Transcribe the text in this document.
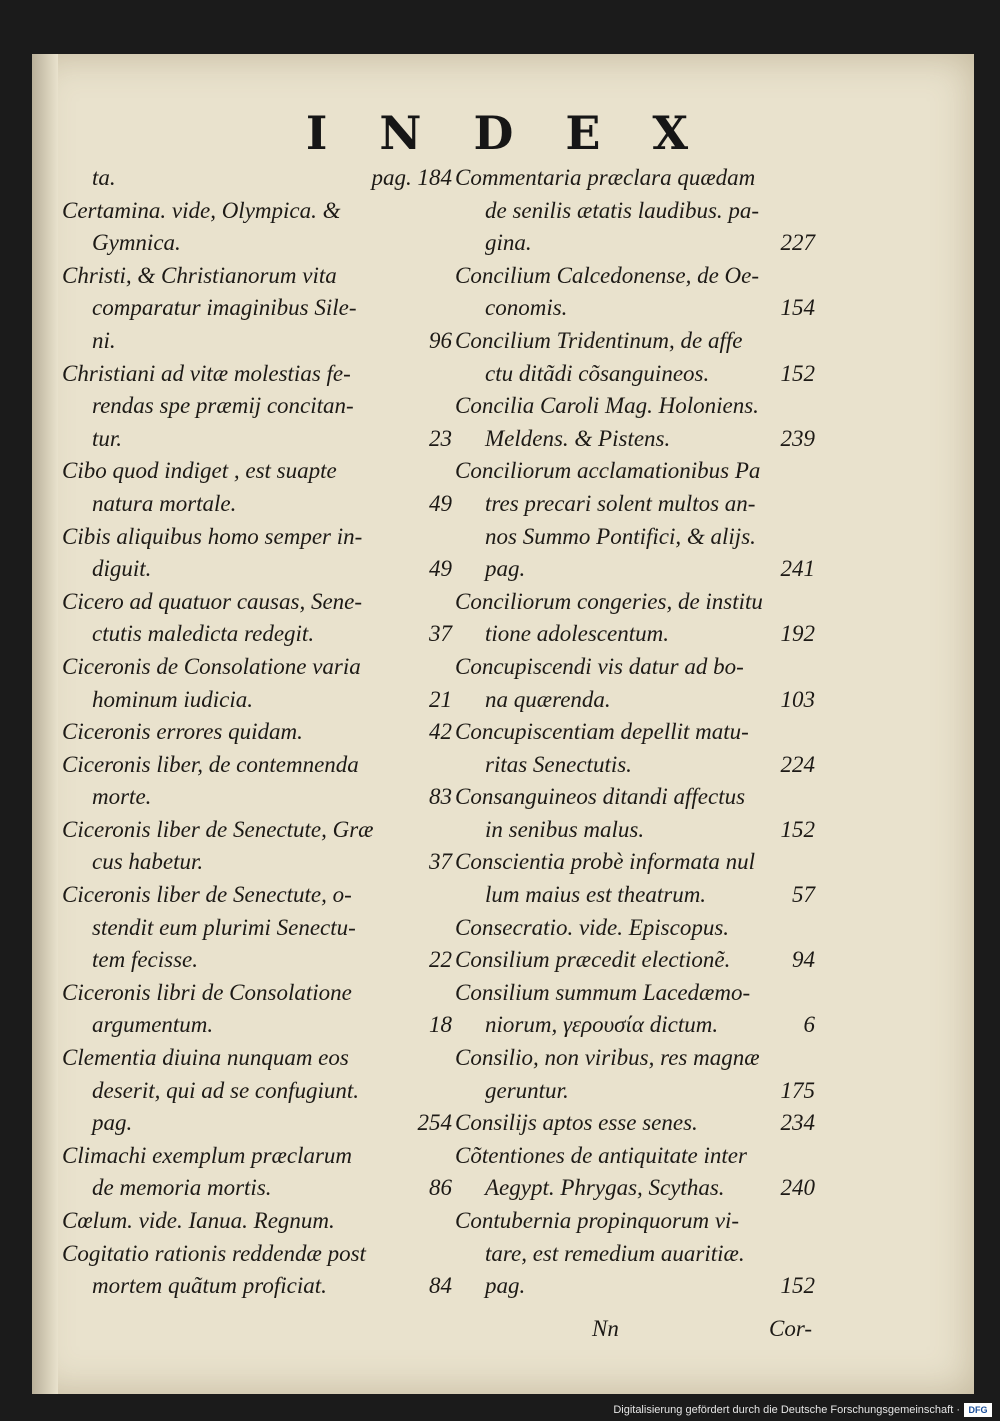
INDEX
ta.	pag. 184
Certamina. vide, Olympica. &
Gymnica.
Christi, & Christianorum vita
comparatur imaginibus Sile-
ni.	96
Christiani ad vitæ molestias fe-
rendas spe præmij concitan-
tur.	23
Cibo quod indiget , est suapte
natura mortale.	49
Cibis aliquibus homo semper in-
diguit.	49
Cicero ad quatuor causas, Sene-
ctutis maledicta redegit.	37
Ciceronis de Consolatione varia
hominum iudicia.	21
Ciceronis errores quidam.	42
Ciceronis liber, de contemnenda
morte.	83
Ciceronis liber de Senectute, Græ
cus habetur.	37
Ciceronis liber de Senectute, o-
stendit eum plurimi Senectu-
tem fecisse.	22
Ciceronis libri de Consolatione
argumentum.	18
Clementia diuina nunquam eos
deserit, qui ad se confugiunt.
pag.	254
Climachi exemplum præclarum
de memoria mortis.	86
Cœlum. vide. Ianua. Regnum.
Cogitatio rationis reddendæ post
mortem quãtum proficiat.	84
Commentaria præclara quædam
de senilis ætatis laudibus. pa-
gina.	227
Concilium Calcedonense, de Oe-
conomis.	154
Concilium Tridentinum, de affe
ctu ditãdi cõsanguineos.	152
Concilia Caroli Mag. Holoniens.
Meldens. & Pistens.	239
Conciliorum acclamationibus Pa
tres precari solent multos an-
nos Summo Pontifici, & alijs.
pag.	241
Conciliorum congeries, de institu
tione adolescentum.	192
Concupiscendi vis datur ad bo-
na quærenda.	103
Concupiscentiam depellit matu-
ritas Senectutis.	224
Consanguineos ditandi affectus
in senibus malus.	152
Conscientia probè informata nul
lum maius est theatrum.	57
Consecratio. vide. Episcopus.
Consilium præcedit electionẽ.	94
Consilium summum Lacedæmo-
niorum, γερουσία dictum.	6
Consilio, non viribus, res magnæ
geruntur.	175
Consilijs aptos esse senes.	234
Cõtentiones de antiquitate inter
Aegypt. Phrygas, Scythas. 240
Contubernia propinquorum vi-
tare, est remedium auaritiæ.
pag.	152
Nn	Cor-
Digitalisierung gefördert durch die Deutsche Forschungsgemeinschaft · DFG
